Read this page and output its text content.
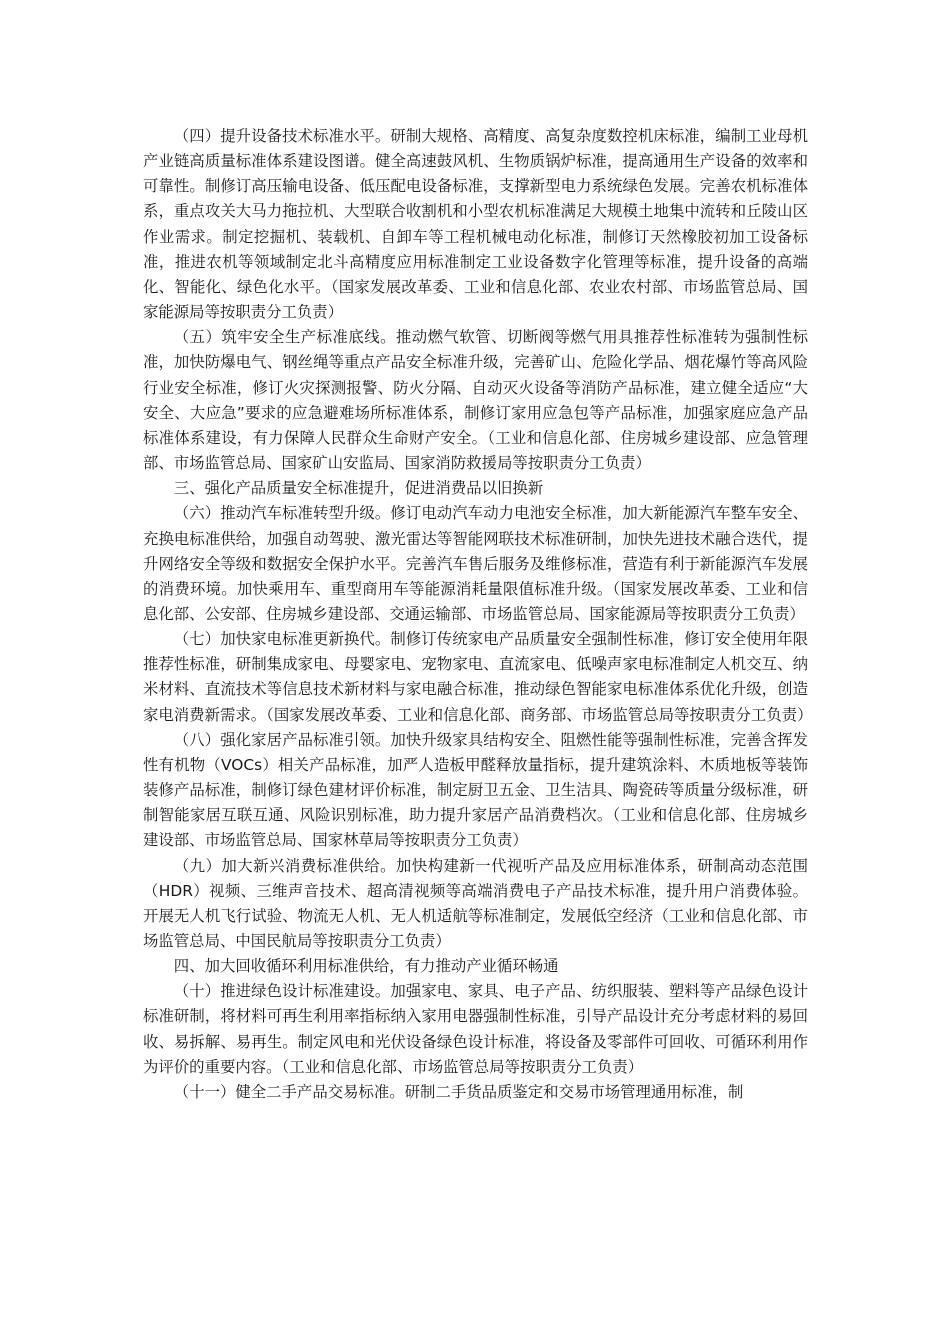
（四）提升设备技术标准水平。研制大规格、高精度、高复杂度数控机床标准，编制工业母机产业链高质量标准体系建设图谱。健全高速鼓风机、生物质锅炉标准，提高通用生产设备的效率和可靠性。制修订高压输电设备、低压配电设备标准，支撑新型电力系统绿色发展。完善农机标准体系，重点攻关大马力拖拉机、大型联合收割机和小型农机标准满足大规模土地集中流转和丘陵山区作业需求。制定挖掘机、装载机、自卸车等工程机械电动化标准，制修订天然橡胶初加工设备标准，推进农机等领域制定北斗高精度应用标准制定工业设备数字化管理等标准，提升设备的高端化、智能化、绿色化水平。（国家发展改革委、工业和信息化部、农业农村部、市场监管总局、国家能源局等按职责分工负责）

（五）筑牢安全生产标准底线。推动燃气软管、切断阀等燃气用具推荐性标准转为强制性标准，加快防爆电气、钢丝绳等重点产品安全标准升级，完善矿山、危险化学品、烟花爆竹等高风险行业安全标准，修订火灾探测报警、防火分隔、自动灭火设备等消防产品标准，建立健全适应“大安全、大应急”要求的应急避难场所标准体系，制修订家用应急包等产品标准，加强家庭应急产品标准体系建设，有力保障人民群众生命财产安全。（工业和信息化部、住房城乡建设部、应急管理部、市场监管总局、国家矿山安监局、国家消防救援局等按职责分工负责）

三、强化产品质量安全标准提升，促进消费品以旧换新

（六）推动汽车标准转型升级。修订电动汽车动力电池安全标准，加大新能源汽车整车安全、充换电标准供给，加强自动驾驶、激光雷达等智能网联技术标准研制，加快先进技术融合迭代，提升网络安全等级和数据安全保护水平。完善汽车售后服务及维修标准，营造有利于新能源汽车发展的消费环境。加快乘用车、重型商用车等能源消耗量限值标准升级。（国家发展改革委、工业和信息化部、公安部、住房城乡建设部、交通运输部、市场监管总局、国家能源局等按职责分工负责）

（七）加快家电标准更新换代。制修订传统家电产品质量安全强制性标准，修订安全使用年限推荐性标准，研制集成家电、母婴家电、宠物家电、直流家电、低噪声家电标准制定人机交互、纳米材料、直流技术等信息技术新材料与家电融合标准，推动绿色智能家电标准体系优化升级，创造家电消费新需求。（国家发展改革委、工业和信息化部、商务部、市场监管总局等按职责分工负责）

（八）强化家居产品标准引领。加快升级家具结构安全、阻燃性能等强制性标准，完善含挥发性有机物（VOCs）相关产品标准，加严人造板甲醛释放量指标，提升建筑涂料、木质地板等装饰装修产品标准，制修订绿色建材评价标准，制定厨卫五金、卫生洁具、陶瓷砖等质量分级标准，研制智能家居互联互通、风险识别标准，助力提升家居产品消费档次。（工业和信息化部、住房城乡建设部、市场监管总局、国家林草局等按职责分工负责）

（九）加大新兴消费标准供给。加快构建新一代视听产品及应用标准体系，研制高动态范围（HDR）视频、三维声音技术、超高清视频等高端消费电子产品技术标准，提升用户消费体验。开展无人机飞行试验、物流无人机、无人机适航等标准制定，发展低空经济（工业和信息化部、市场监管总局、中国民航局等按职责分工负责）

四、加大回收循环利用标准供给，有力推动产业循环畅通

（十）推进绿色设计标准建设。加强家电、家具、电子产品、纺织服装、塑料等产品绿色设计标准研制，将材料可再生利用率指标纳入家用电器强制性标准，引导产品设计充分考虑材料的易回收、易拆解、易再生。制定风电和光伏设备绿色设计标准，将设备及零部件可回收、可循环利用作为评价的重要内容。（工业和信息化部、市场监管总局等按职责分工负责）

（十一）健全二手产品交易标准。研制二手货品质鉴定和交易市场管理通用标准，制
